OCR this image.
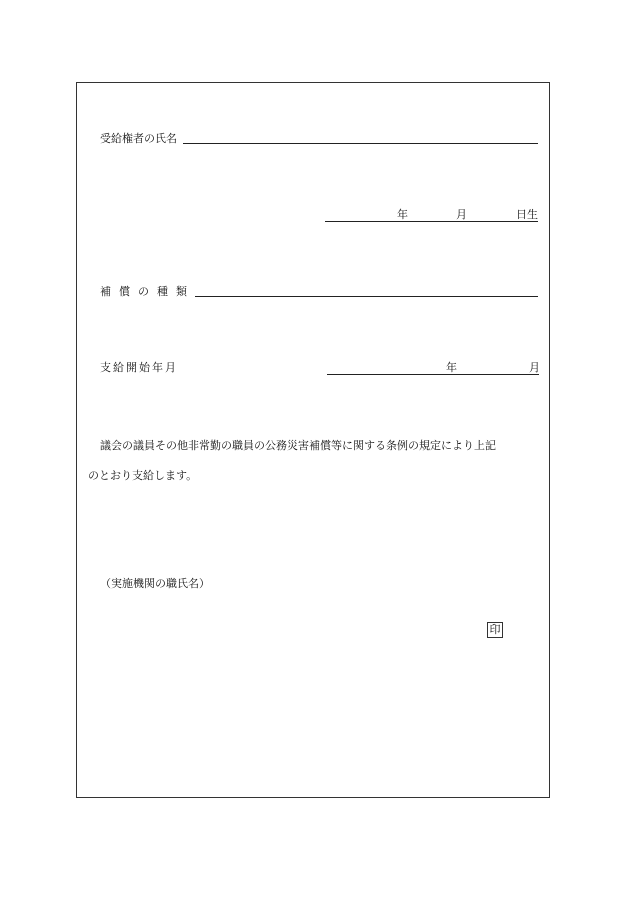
受給権者の氏名
年	月	日生
補償の種類
支給開始年月	年	月
議会の議員その他非常勤の職員の公務災害補償等に関する条例の規定により上記
のとおり支給します。
（実施機関の職氏名）
印
